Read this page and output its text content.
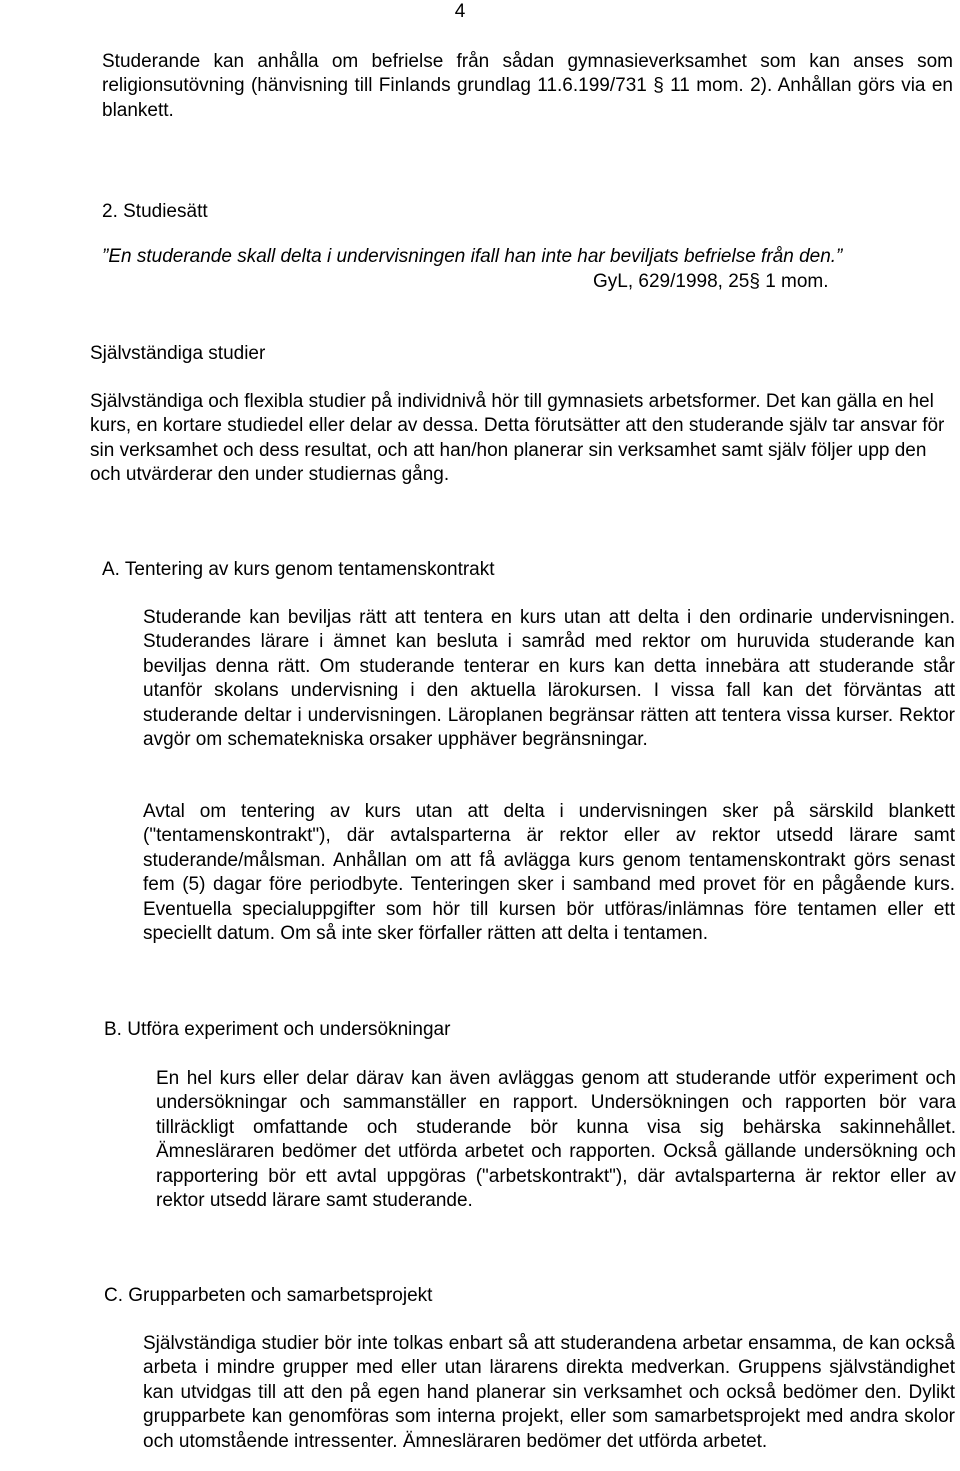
4

Studerande kan anhålla om befrielse från sådan gymnasieverksamhet som kan anses som religionsutövning (hänvisning till Finlands grundlag 11.6.199/731 § 11 mom. 2). Anhållan görs via en blankett.

2. Studiesätt
”En studerande skall delta i undervisningen ifall han inte har beviljats befrielse från den.”
GyL, 629/1998, 25§ 1 mom.
Självständiga studier

Självständiga och flexibla studier på individnivå hör till gymnasiets arbetsformer. Det kan gälla en hel kurs, en kortare studiedel eller delar av dessa. Detta förutsätter att den studerande själv tar ansvar för sin verksamhet och dess resultat, och att han/hon planerar sin verksamhet samt själv följer upp den och utvärderar den under studiernas gång.

A. Tentering av kurs genom tentamenskontrakt

Studerande kan beviljas rätt att tentera en kurs utan att delta i den ordinarie undervisningen. Studerandes lärare i ämnet kan besluta i samråd med rektor om huruvida studerande kan beviljas denna rätt. Om studerande tenterar en kurs kan detta innebära att studerande står utanför skolans undervisning i den aktuella lärokursen. I vissa fall kan det förväntas att studerande deltar i undervisningen. Läroplanen begränsar rätten att tentera vissa kurser. Rektor avgör om schematekniska orsaker upphäver begränsningar.

Avtal om tentering av kurs utan att delta i undervisningen sker på särskild blankett ("tentamenskontrakt"), där avtalsparterna är rektor eller av rektor utsedd lärare samt studerande/målsman. Anhållan om att få avlägga kurs genom tentamenskontrakt görs senast fem (5) dagar före periodbyte. Tenteringen sker i samband med provet för en pågående kurs. Eventuella specialuppgifter som hör till kursen bör utföras/inlämnas före tentamen eller ett speciellt datum. Om så inte sker förfaller rätten att delta i tentamen.

B. Utföra experiment och undersökningar

En hel kurs eller delar därav kan även avläggas genom att studerande utför experiment och undersökningar och sammanställer en rapport. Undersökningen och rapporten bör vara tillräckligt omfattande och studerande bör kunna visa sig behärska sakinnehållet. Ämnesläraren bedömer det utförda arbetet och rapporten. Också gällande undersökning och rapportering bör ett avtal uppgöras ("arbetskontrakt"), där avtalsparterna är rektor eller av rektor utsedd lärare samt studerande.

C. Grupparbeten och samarbetsprojekt

Självständiga studier bör inte tolkas enbart så att studerandena arbetar ensamma, de kan också arbeta i mindre grupper med eller utan lärarens direkta medverkan. Gruppens självständighet kan utvidgas till att den på egen hand planerar sin verksamhet och också bedömer den. Dylikt grupparbete kan genomföras som interna projekt, eller som samarbetsprojekt med andra skolor och utomstående intressenter. Ämnesläraren bedömer det utförda arbetet.
